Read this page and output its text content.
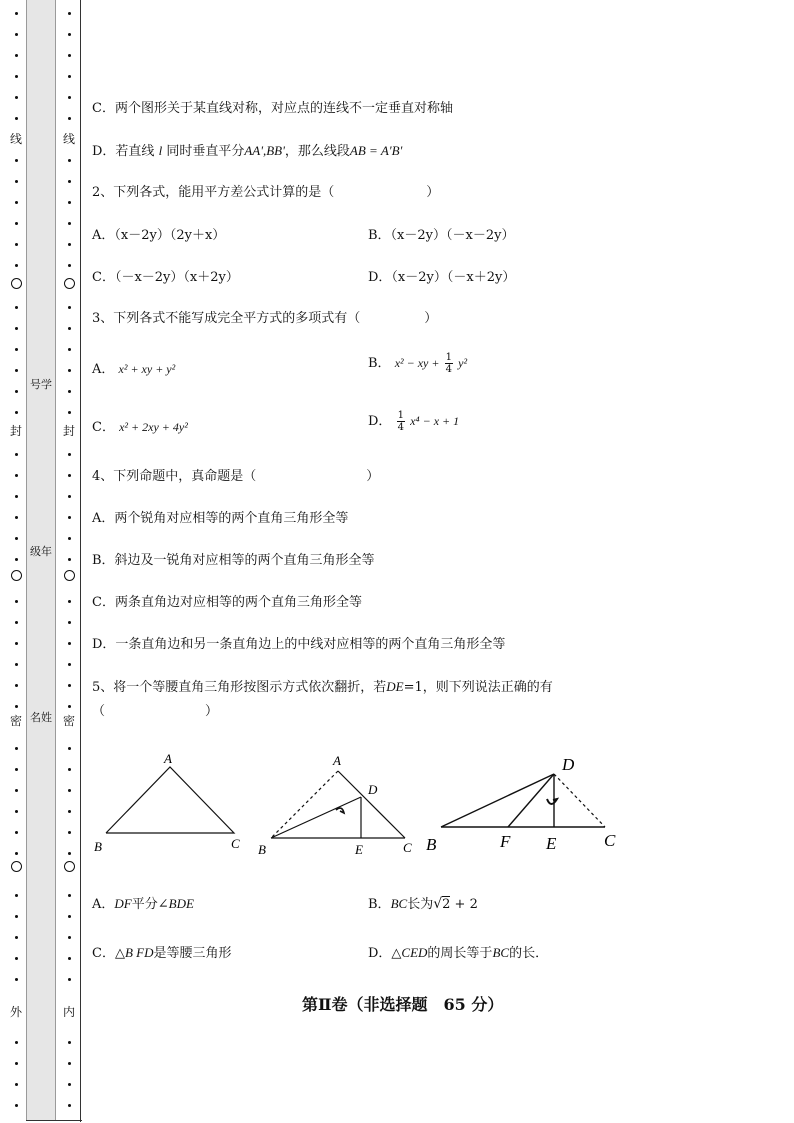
线
封
密
外
号学
级年
名姓
线
封
密
内
C．两个图形关于某直线对称，对应点的连线不一定垂直对称轴
D．若直线 l 同时垂直平分AA',BB'，那么线段AB = A'B'
2、下列各式，能用平方差公式计算的是（	）
A．（x－2y）（2y＋x）	B．（x－2y）（－x－2y）
C．（－x－2y）（x＋2y）	D．（x－2y）（－x＋2y）
3、下列各式不能写成完全平方式的多项式有（	）
A． x² + xy + y²	B． x² − xy + $\frac{1}{4} y^2$
C． x² + 2xy + 4y²	D． $\frac{1}{4} x^4 - x + 1$
4、下列命题中，真命题是（	）
A．两个锐角对应相等的两个直角三角形全等
B．斜边及一锐角对应相等的两个直角三角形全等
C．两条直角边对应相等的两个直角三角形全等
D．一条直角边和另一条直角边上的中线对应相等的两个直角三角形全等
5、将一个等腰直角三角形按图示方式依次翻折，若DE=1，则下列说法正确的有
（	）
A
B	C
A
D
B	E	C
D
B	F E	C
A．DF平分∠BDE	B．BC长为√2 + 2
C．△B FD是等腰三角形	D．△CED的周长等于BC的长．
第Ⅱ卷（非选择题　65 分）
